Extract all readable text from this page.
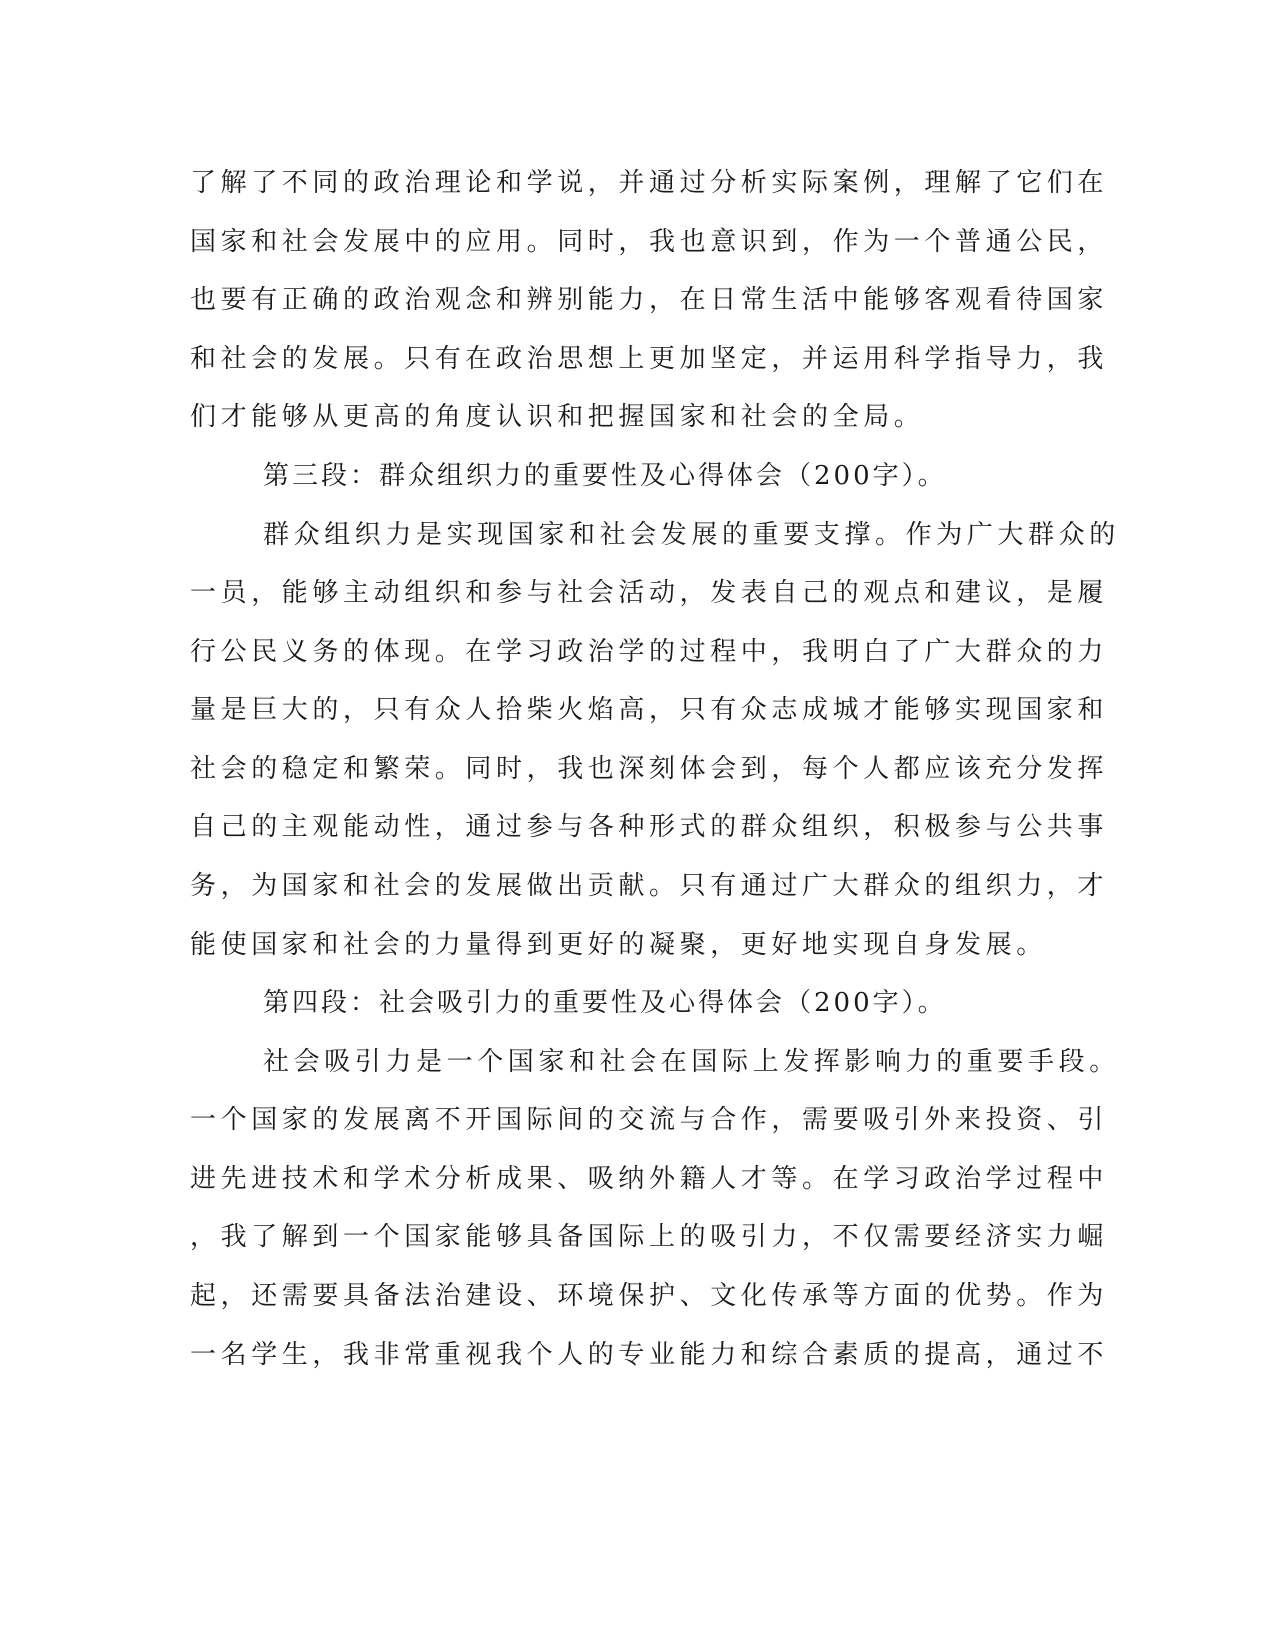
了解了不同的政治理论和学说，并通过分析实际案例，理解了它们在

国家和社会发展中的应用。同时，我也意识到，作为一个普通公民，

也要有正确的政治观念和辨别能力，在日常生活中能够客观看待国家

和社会的发展。只有在政治思想上更加坚定，并运用科学指导力，我

们才能够从更高的角度认识和把握国家和社会的全局。

第三段：群众组织力的重要性及心得体会（200字）。

群众组织力是实现国家和社会发展的重要支撑。作为广大群众的

一员，能够主动组织和参与社会活动，发表自己的观点和建议，是履

行公民义务的体现。在学习政治学的过程中，我明白了广大群众的力

量是巨大的，只有众人拾柴火焰高，只有众志成城才能够实现国家和

社会的稳定和繁荣。同时，我也深刻体会到，每个人都应该充分发挥

自己的主观能动性，通过参与各种形式的群众组织，积极参与公共事

务，为国家和社会的发展做出贡献。只有通过广大群众的组织力，才

能使国家和社会的力量得到更好的凝聚，更好地实现自身发展。

第四段：社会吸引力的重要性及心得体会（200字）。

社会吸引力是一个国家和社会在国际上发挥影响力的重要手段。

一个国家的发展离不开国际间的交流与合作，需要吸引外来投资、引

进先进技术和学术分析成果、吸纳外籍人才等。在学习政治学过程中

，我了解到一个国家能够具备国际上的吸引力，不仅需要经济实力崛

起，还需要具备法治建设、环境保护、文化传承等方面的优势。作为

一名学生，我非常重视我个人的专业能力和综合素质的提高，通过不
